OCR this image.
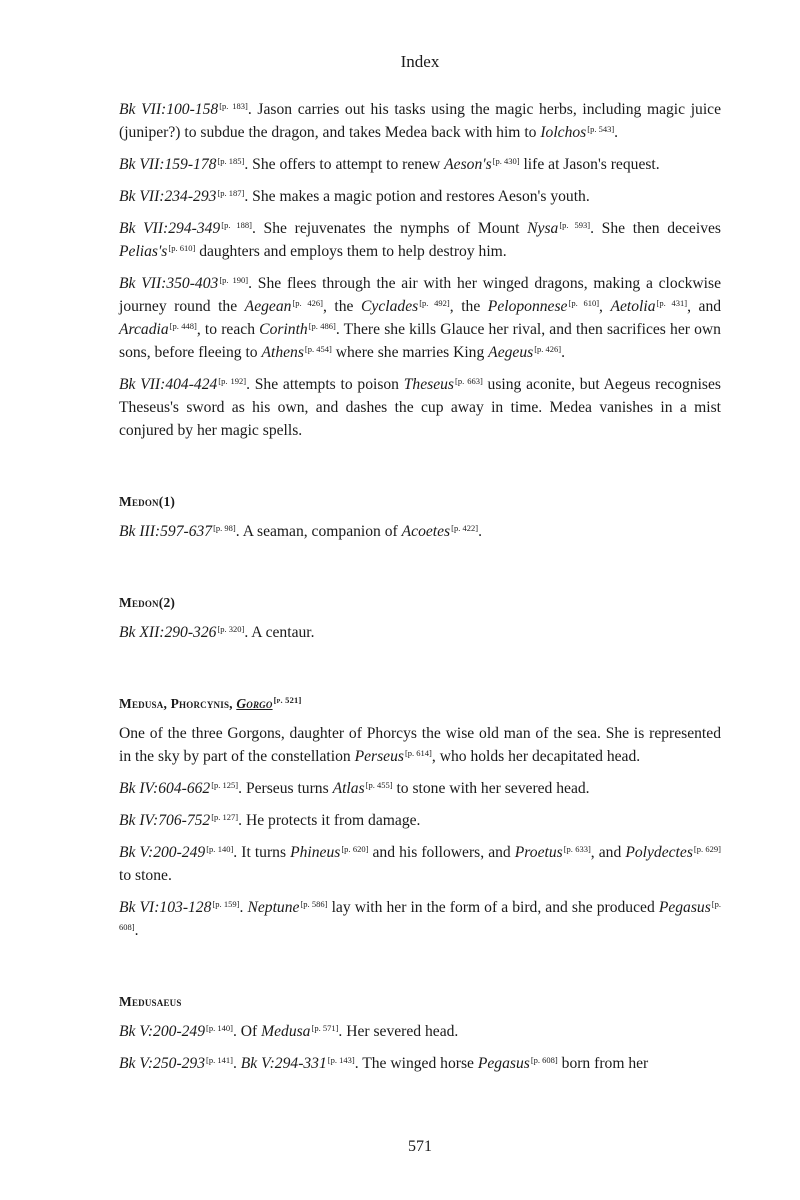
Index

Bk VII:100-158[p. 183]. Jason carries out his tasks using the magic herbs, including magic juice (juniper?) to subdue the dragon, and takes Medea back with him to Iolchos[p. 543].

Bk VII:159-178[p. 185]. She offers to attempt to renew Aeson's[p. 430] life at Jason's request.

Bk VII:234-293[p. 187]. She makes a magic potion and restores Aeson's youth.

Bk VII:294-349[p. 188]. She rejuvenates the nymphs of Mount Nysa[p. 593]. She then deceives Pelias's[p. 610] daughters and employs them to help destroy him.

Bk VII:350-403[p. 190]. She flees through the air with her winged dragons, making a clockwise journey round the Aegean[p. 426], the Cyclades[p. 492], the Peloponnese[p. 610], Aetolia[p. 431], and Arcadia[p. 448], to reach Corinth[p. 486]. There she kills Glauce her rival, and then sacrifices her own sons, before fleeing to Athens[p. 454] where she marries King Aegeus[p. 426].

Bk VII:404-424[p. 192]. She attempts to poison Theseus[p. 663] using aconite, but Aegeus recognises Theseus's sword as his own, and dashes the cup away in time. Medea vanishes in a mist conjured by her magic spells.

Medon(1)

Bk III:597-637[p. 98]. A seaman, companion of Acoetes[p. 422].

Medon(2)

Bk XII:290-326[p. 320]. A centaur.

Medusa, Phorcynis, Gorgo[p. 521]

One of the three Gorgons, daughter of Phorcys the wise old man of the sea. She is represented in the sky by part of the constellation Perseus[p. 614], who holds her decapitated head.

Bk IV:604-662[p. 125]. Perseus turns Atlas[p. 455] to stone with her severed head.

Bk IV:706-752[p. 127]. He protects it from damage.

Bk V:200-249[p. 140]. It turns Phineus[p. 620] and his followers, and Proetus[p. 633], and Polydectes[p. 629] to stone.

Bk VI:103-128[p. 159]. Neptune[p. 586] lay with her in the form of a bird, and she produced Pegasus[p. 608].

Medusaeus

Bk V:200-249[p. 140]. Of Medusa[p. 571]. Her severed head.

Bk V:250-293[p. 141]. Bk V:294-331[p. 143]. The winged horse Pegasus[p. 608] born from her

571
